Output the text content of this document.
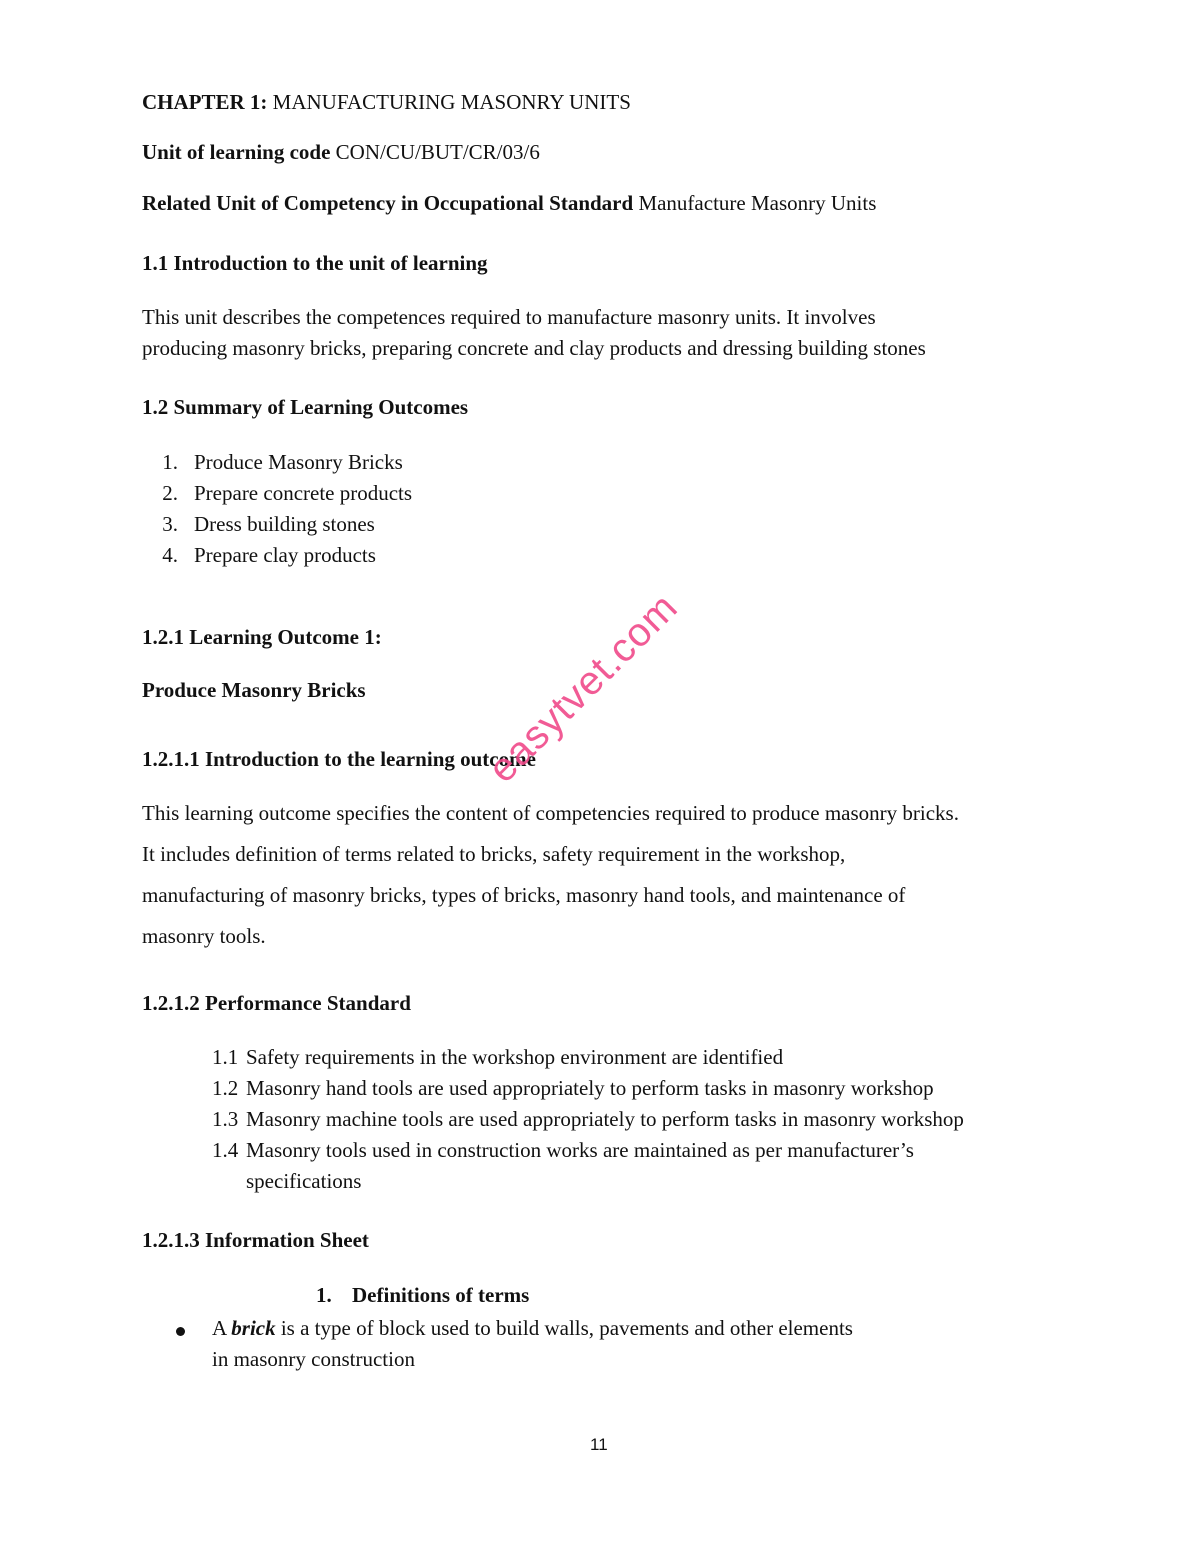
CHAPTER 1: MANUFACTURING MASONRY UNITS
Unit of learning code CON/CU/BUT/CR/03/6
Related Unit of Competency in Occupational Standard Manufacture Masonry Units
1.1 Introduction to the unit of learning
This unit describes the competences required to manufacture masonry units. It involves
producing masonry bricks, preparing concrete and clay products and dressing building stones
1.2 Summary of Learning Outcomes
1. Produce Masonry Bricks
2. Prepare concrete products
3. Dress building stones
4. Prepare clay products
1.2.1 Learning Outcome 1:
Produce Masonry Bricks
1.2.1.1 Introduction to the learning outcome
This learning outcome specifies the content of competencies required to produce masonry bricks.
It includes definition of terms related to bricks, safety requirement in the workshop,
manufacturing of masonry bricks, types of bricks, masonry hand tools, and maintenance of
masonry tools.
1.2.1.2 Performance Standard
1.1 Safety requirements in the workshop environment are identified
1.2 Masonry hand tools are used appropriately to perform tasks in masonry workshop
1.3 Masonry machine tools are used appropriately to perform tasks in masonry workshop
1.4 Masonry tools used in construction works are maintained as per manufacturer’s
specifications
1.2.1.3 Information Sheet
1. Definitions of terms
A brick is a type of block used to build walls, pavements and other elements
in masonry construction
easytvet.com
11
